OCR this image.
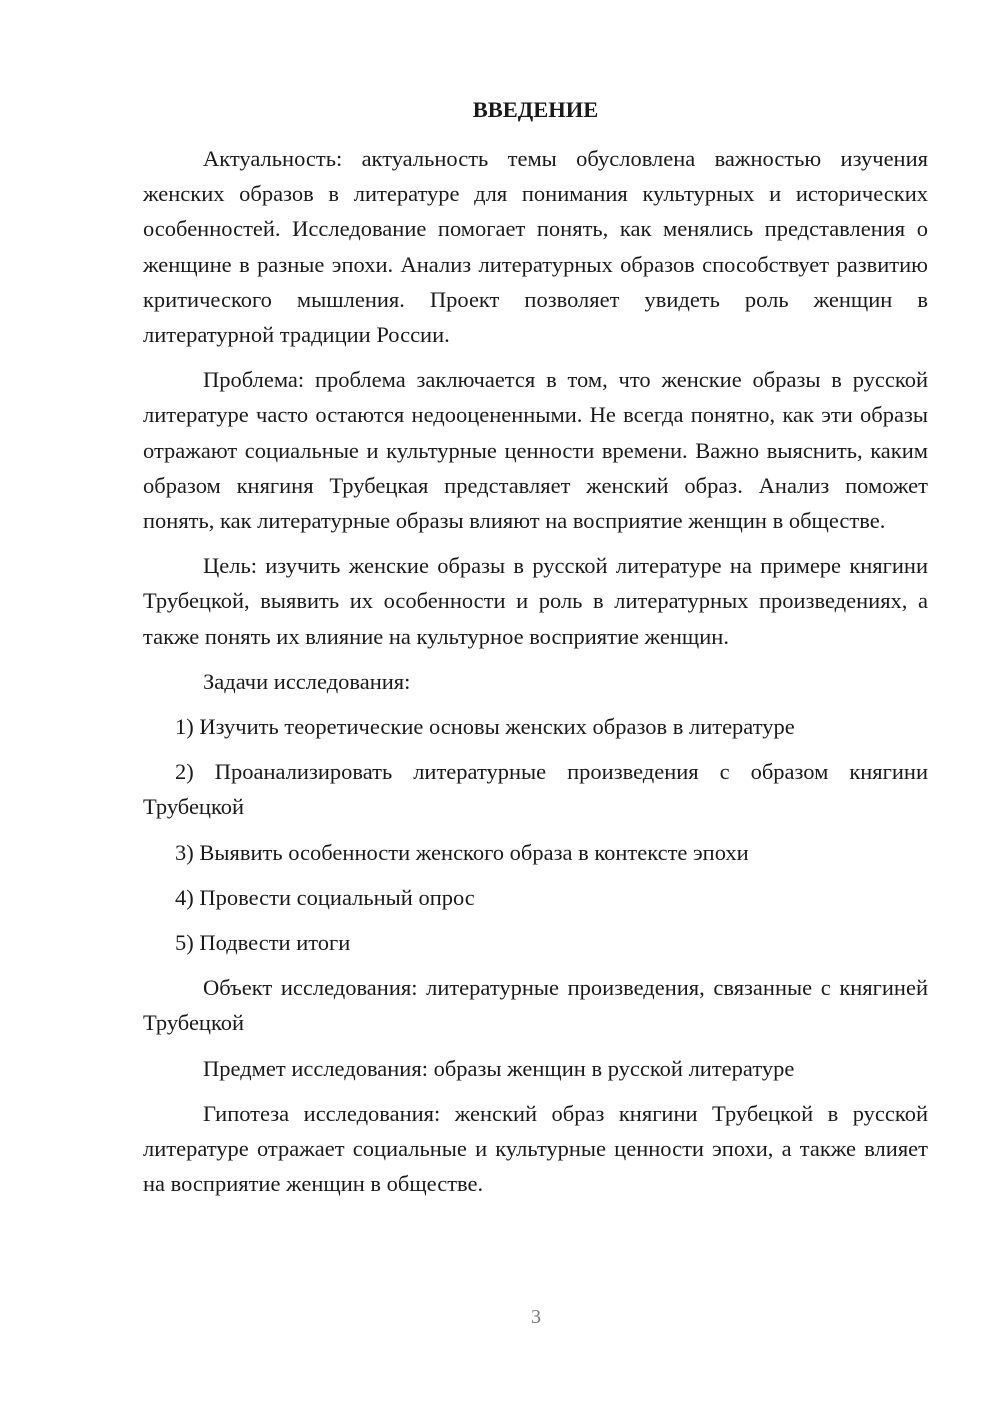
ВВЕДЕНИЕ

Актуальность: актуальность темы обусловлена важностью изучения женских образов в литературе для понимания культурных и исторических особенностей. Исследование помогает понять, как менялись представления о женщине в разные эпохи. Анализ литературных образов способствует развитию критического мышления. Проект позволяет увидеть роль женщин в литературной традиции России.

Проблема: проблема заключается в том, что женские образы в русской литературе часто остаются недооцененными. Не всегда понятно, как эти образы отражают социальные и культурные ценности времени. Важно выяснить, каким образом княгиня Трубецкая представляет женский образ. Анализ поможет понять, как литературные образы влияют на восприятие женщин в обществе.

Цель: изучить женские образы в русской литературе на примере княгини Трубецкой, выявить их особенности и роль в литературных произведениях, а также понять их влияние на культурное восприятие женщин.

Задачи исследования:

1) Изучить теоретические основы женских образов в литературе
2) Проанализировать литературные произведения с образом княгини Трубецкой
3) Выявить особенности женского образа в контексте эпохи
4) Провести социальный опрос
5) Подвести итоги

Объект исследования: литературные произведения, связанные с княгиней Трубецкой

Предмет исследования: образы женщин в русской литературе

Гипотеза исследования: женский образ княгини Трубецкой в русской литературе отражает социальные и культурные ценности эпохи, а также влияет на восприятие женщин в обществе.

3
